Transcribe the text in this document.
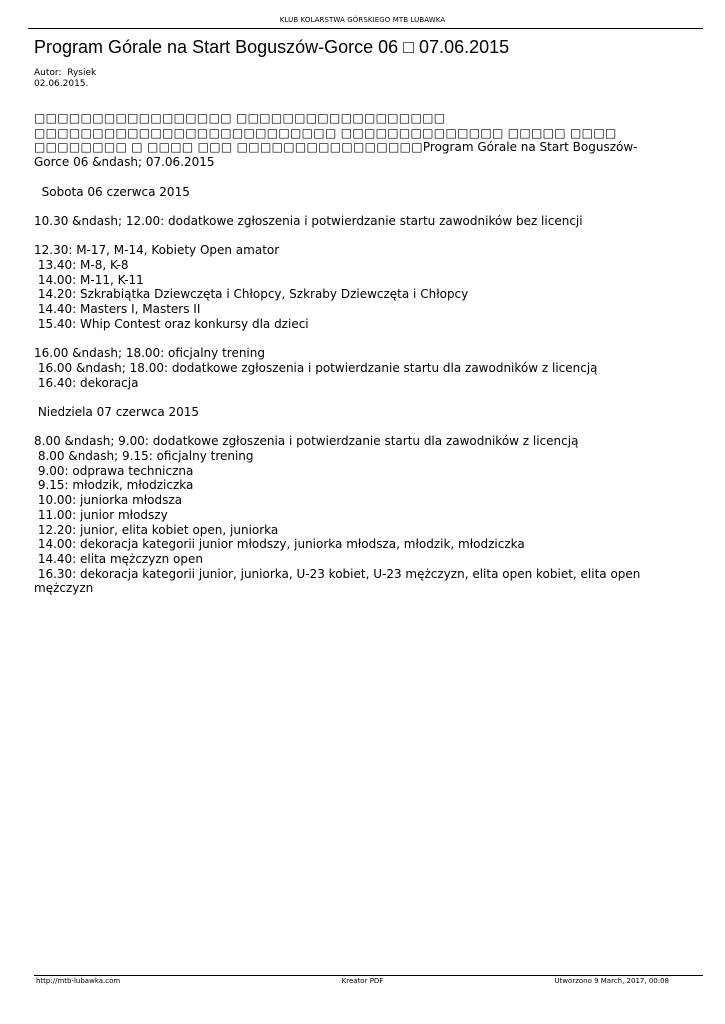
KLUB KOLARSTWA GÓRSKIEGO MTB LUBAWKA
Program Górale na Start Boguszów-Gorce 06 □ 07.06.2015
Autor: Rysiek
02.06.2015.
□□□□□□□□□□□□□□□□□ □□□□□□□□□□□□□□□□□□
□□□□□□□□□□□□□□□□□□□□□□□□□□ □□□□□□□□□□□□□□ □□□□□ □□□□
□□□□□□□□ □ □□□□ □□□ □□□□□□□□□□□□□□□□Program Górale na Start Boguszów-
Gorce 06 &ndash; 07.06.2015
Sobota 06 czerwca 2015
10.30 &ndash; 12.00: dodatkowe zgłoszenia i potwierdzanie startu zawodników bez licencji
12.30: M-17, M-14, Kobiety Open amator
13.40: M-8, K-8
14.00: M-11, K-11
14.20: Szkrabiątka Dziewczęta i Chłopcy, Szkraby Dziewczęta i Chłopcy
14.40: Masters I, Masters II
15.40: Whip Contest oraz konkursy dla dzieci
16.00 &ndash; 18.00: oficjalny trening
16.00 &ndash; 18.00: dodatkowe zgłoszenia i potwierdzanie startu dla zawodników z licencją
16.40: dekoracja
Niedziela 07 czerwca 2015
8.00 &ndash; 9.00: dodatkowe zgłoszenia i potwierdzanie startu dla zawodników z licencją
8.00 &ndash; 9.15: oficjalny trening
9.00: odprawa techniczna
9.15: młodzik, młodziczka
10.00: juniorka młodsza
11.00: junior młodszy
12.20: junior, elita kobiet open, juniorka
14.00: dekoracja kategorii junior młodszy, juniorka młodsza, młodzik, młodziczka
14.40: elita mężczyzn open
16.30: dekoracja kategorii junior, juniorka, U-23 kobiet, U-23 mężczyzn, elita open kobiet, elita open
mężczyzn
http://mtb-lubawka.com	Kreator PDF	Utworzono 9 March, 2017, 00:08
